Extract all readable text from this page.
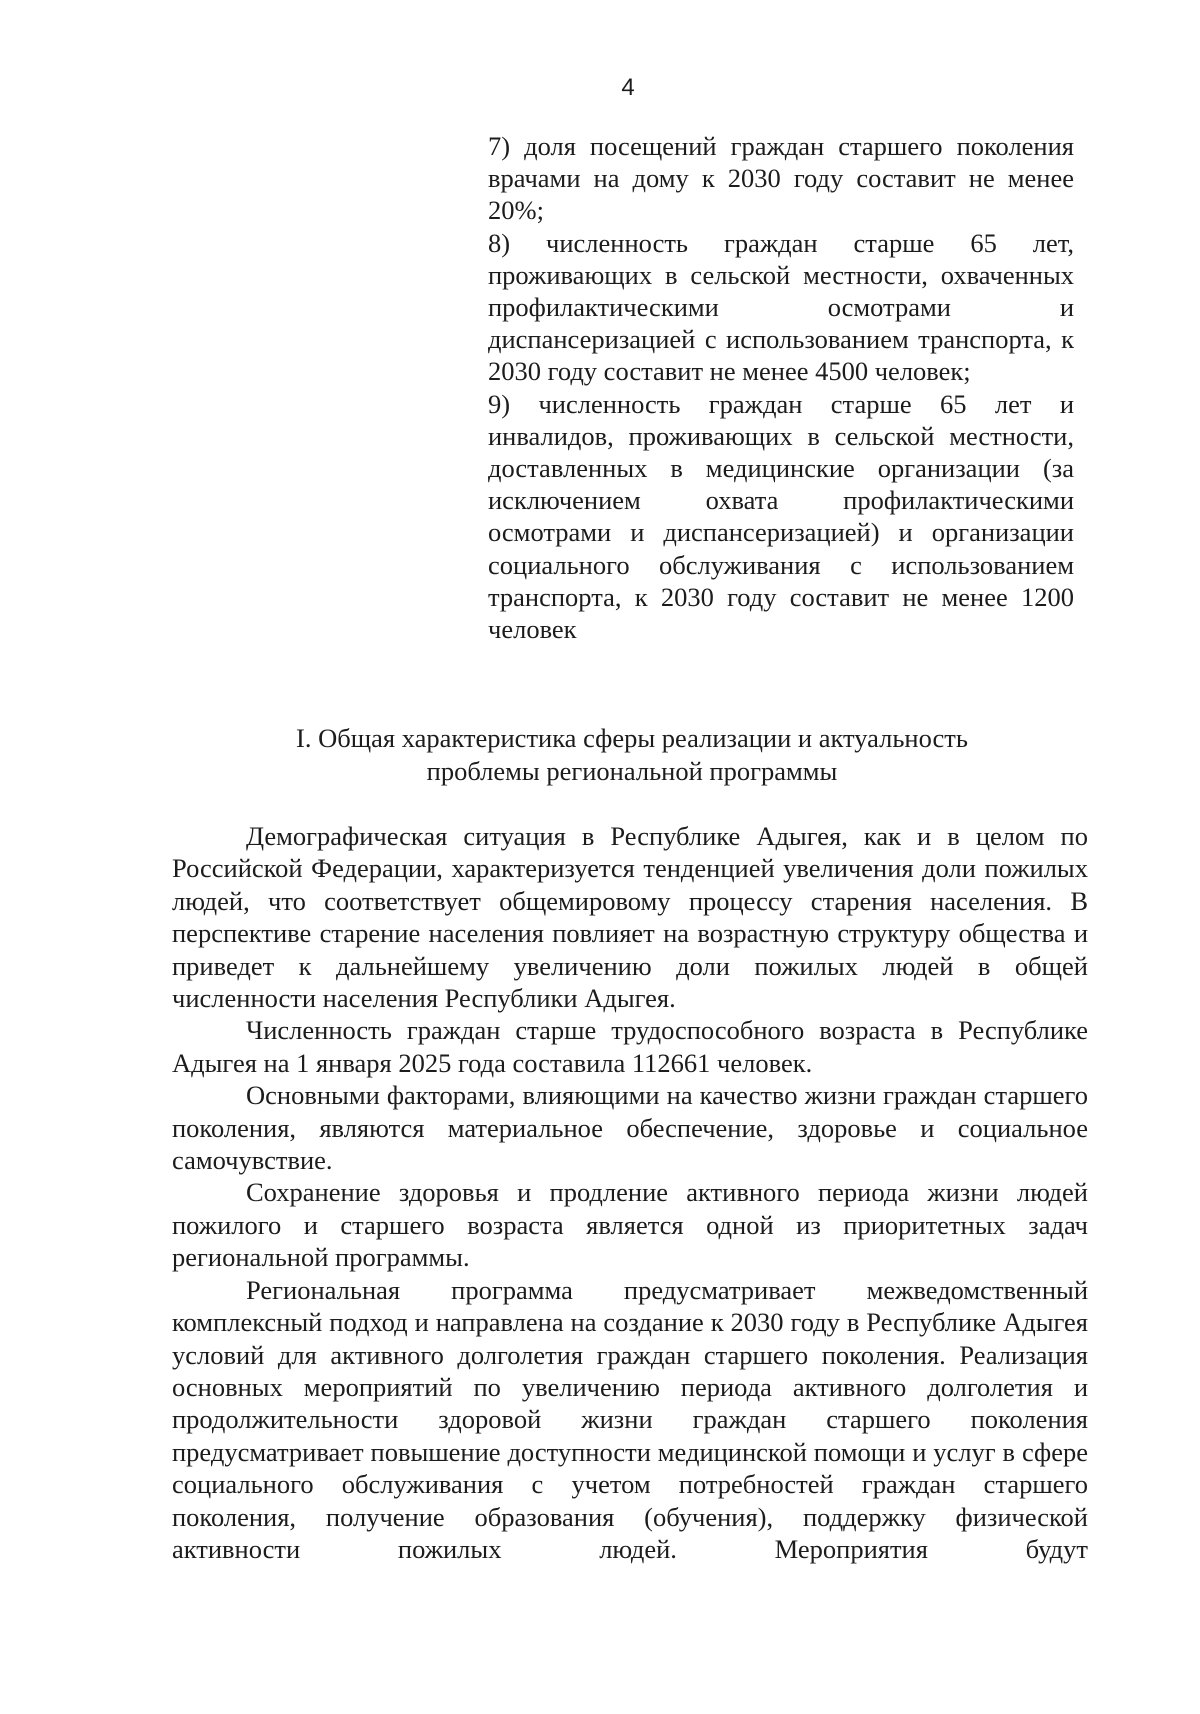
4

7) доля посещений граждан старшего поколения врачами на дому к 2030 году составит не менее 20%;

8) численность граждан старше 65 лет, проживающих в сельской местности, охваченных профилактическими осмотрами и диспансеризацией с использованием транспорта, к 2030 году составит не менее 4500 человек;

9) численность граждан старше 65 лет и инвалидов, проживающих в сельской местности, доставленных в медицинские организации (за исключением охвата профилактическими осмотрами и диспансеризацией) и организации социального обслуживания с использованием транспорта, к 2030 году составит не менее 1200 человек

I. Общая характеристика сферы реализации и актуальность
проблемы региональной программы

Демографическая ситуация в Республике Адыгея, как и в целом по Российской Федерации, характеризуется тенденцией увеличения доли пожилых людей, что соответствует общемировому процессу старения населения. В перспективе старение населения повлияет на возрастную структуру общества и приведет к дальнейшему увеличению доли пожилых людей в общей численности населения Республики Адыгея.

Численность граждан старше трудоспособного возраста в Республике Адыгея на 1 января 2025 года составила 112661 человек.

Основными факторами, влияющими на качество жизни граждан старшего поколения, являются материальное обеспечение, здоровье и социальное самочувствие.

Сохранение здоровья и продление активного периода жизни людей пожилого и старшего возраста является одной из приоритетных задач региональной программы.

Региональная программа предусматривает межведомственный комплексный подход и направлена на создание к 2030 году в Республике Адыгея условий для активного долголетия граждан старшего поколения. Реализация основных мероприятий по увеличению периода активного долголетия и продолжительности здоровой жизни граждан старшего поколения предусматривает повышение доступности медицинской помощи и услуг в сфере социального обслуживания с учетом потребностей граждан старшего поколения, получение образования (обучения), поддержку физической активности пожилых людей. Мероприятия будут
